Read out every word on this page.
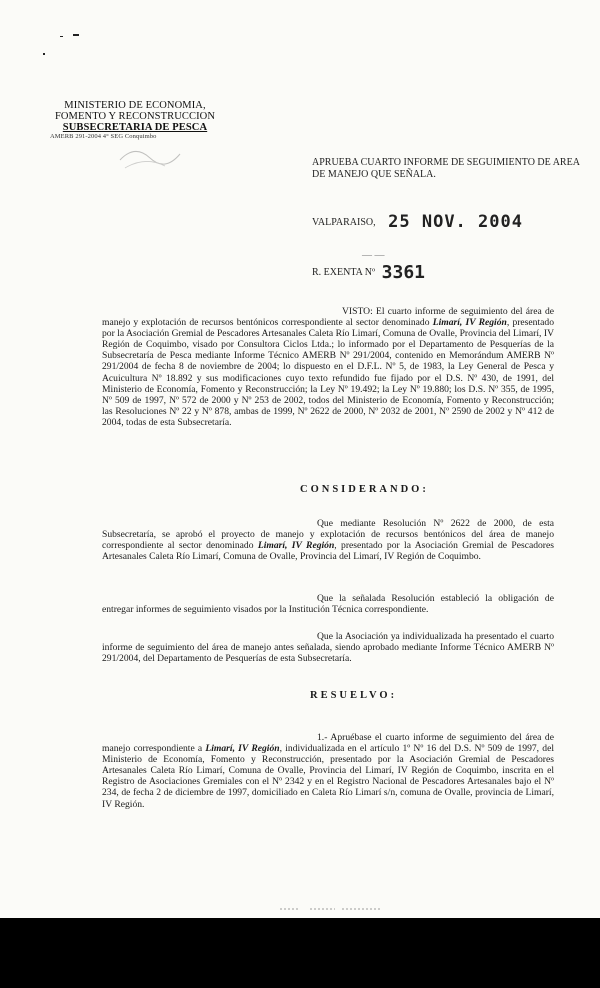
MINISTERIO DE ECONOMIA,
FOMENTO Y RECONSTRUCCION
SUBSECRETARIA DE PESCA
AMERB 291-2004 4° SEG Conquimbo
APRUEBA CUARTO INFORME DE SEGUIMIENTO DE AREA DE MANEJO QUE SEÑALA.
VALPARAISO, 25 NOV. 2004
— —
R. EXENTA Nº 3361
VISTO: El cuarto informe de seguimiento del área de manejo y explotación de recursos bentónicos correspondiente al sector denominado Limarí, IV Región, presentado por la Asociación Gremial de Pescadores Artesanales Caleta Río Limarí, Comuna de Ovalle, Provincia del Limarí, IV Región de Coquimbo, visado por Consultora Ciclos Ltda.; lo informado por el Departamento de Pesquerías de la Subsecretaría de Pesca mediante Informe Técnico AMERB Nº 291/2004, contenido en Memorándum AMERB Nº 291/2004 de fecha 8 de noviembre de 2004; lo dispuesto en el D.F.L. Nº 5, de 1983, la Ley General de Pesca y Acuicultura Nº 18.892 y sus modificaciones cuyo texto refundido fue fijado por el D.S. Nº 430, de 1991, del Ministerio de Economía, Fomento y Reconstrucción; la Ley Nº 19.492; la Ley Nº 19.880; los D.S. Nº 355, de 1995, Nº 509 de 1997, Nº 572 de 2000 y Nº 253 de 2002, todos del Ministerio de Economía, Fomento y Reconstrucción; las Resoluciones Nº 22 y Nº 878, ambas de 1999, Nº 2622 de 2000, Nº 2032 de 2001, Nº 2590 de 2002 y Nº 412 de 2004, todas de esta Subsecretaría.
CONSIDERANDO:
Que mediante Resolución Nº 2622 de 2000, de esta Subsecretaría, se aprobó el proyecto de manejo y explotación de recursos bentónicos del área de manejo correspondiente al sector denominado Limarí, IV Región, presentado por la Asociación Gremial de Pescadores Artesanales Caleta Río Limarí, Comuna de Ovalle, Provincia del Limarí, IV Región de Coquimbo.
Que la señalada Resolución estableció la obligación de entregar informes de seguimiento visados por la Institución Técnica correspondiente.
Que la Asociación ya individualizada ha presentado el cuarto informe de seguimiento del área de manejo antes señalada, siendo aprobado mediante Informe Técnico AMERB Nº 291/2004, del Departamento de Pesquerías de esta Subsecretaría.
RESUELVO:
1.- Apruébase el cuarto informe de seguimiento del área de manejo correspondiente a Limarí, IV Región, individualizada en el artículo 1º Nº 16 del D.S. Nº 509 de 1997, del Ministerio de Economía, Fomento y Reconstrucción, presentado por la Asociación Gremial de Pescadores Artesanales Caleta Río Limarí, Comuna de Ovalle, Provincia del Limarí, IV Región de Coquimbo, inscrita en el Registro de Asociaciones Gremiales con el Nº 2342 y en el Registro Nacional de Pescadores Artesanales bajo el Nº 234, de fecha 2 de diciembre de 1997, domiciliado en Caleta Río Limarí s/n, comuna de Ovalle, provincia de Limarí, IV Región.
